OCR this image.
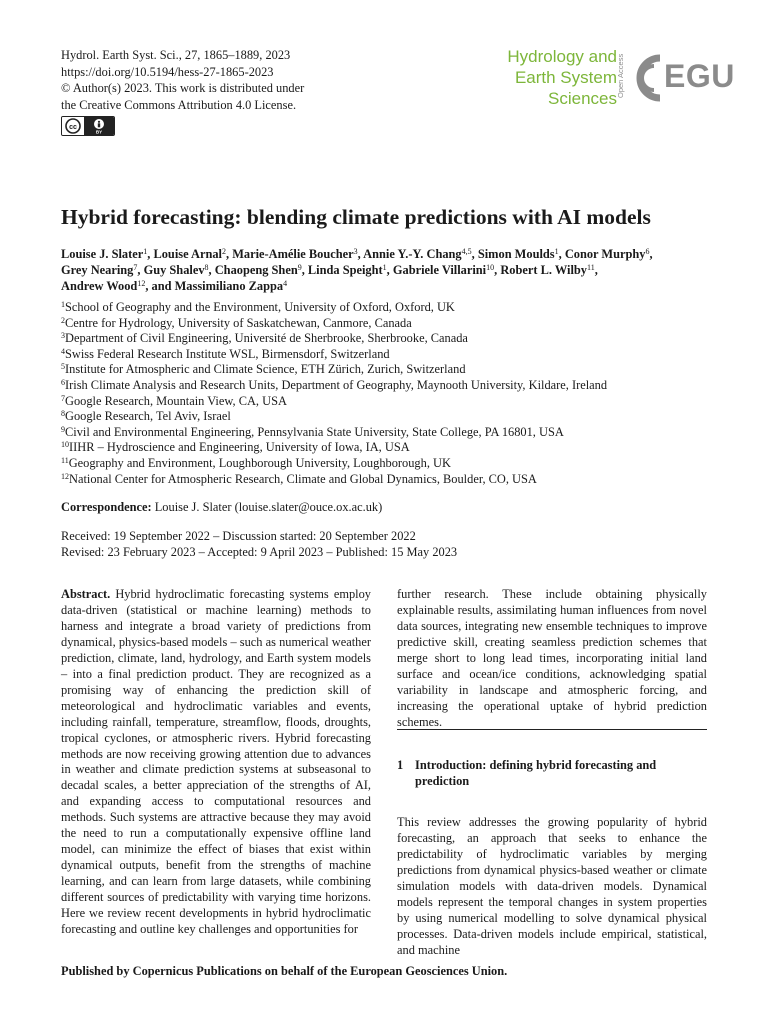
Hydrol. Earth Syst. Sci., 27, 1865–1889, 2023
https://doi.org/10.5194/hess-27-1865-2023
© Author(s) 2023. This work is distributed under
the Creative Commons Attribution 4.0 License.
cc
BY
Hydrology and
Earth System
Sciences
Open Access EGU
Hybrid forecasting: blending climate predictions with AI models
Louise J. Slater$^1$, Louise Arnal$^2$, Marie-Amélie Boucher$^3$, Annie Y.-Y. Chang$^{4,5}$, Simon Moulds$^1$, Conor Murphy$^6$,
Grey Nearing$^7$, Guy Shalev$^8$, Chaopeng Shen$^9$, Linda Speight$^1$, Gabriele Villarini$^{10}$, Robert L. Wilby$^{11}$,
Andrew Wood$^{12}$, and Massimiliano Zappa$^4$
$^1$School of Geography and the Environment, University of Oxford, Oxford, UK
$^2$Centre for Hydrology, University of Saskatchewan, Canmore, Canada
$^3$Department of Civil Engineering, Université de Sherbrooke, Sherbrooke, Canada
$^4$Swiss Federal Research Institute WSL, Birmensdorf, Switzerland
$^5$Institute for Atmospheric and Climate Science, ETH Zürich, Zurich, Switzerland
$^6$Irish Climate Analysis and Research Units, Department of Geography, Maynooth University, Kildare, Ireland
$^7$Google Research, Mountain View, CA, USA
$^8$Google Research, Tel Aviv, Israel
$^9$Civil and Environmental Engineering, Pennsylvania State University, State College, PA 16801, USA
$^{10}$IIHR – Hydroscience and Engineering, University of Iowa, IA, USA
$^{11}$Geography and Environment, Loughborough University, Loughborough, UK
$^{12}$National Center for Atmospheric Research, Climate and Global Dynamics, Boulder, CO, USA
Correspondence: Louise J. Slater (louise.slater@ouce.ox.ac.uk)
Received: 19 September 2022 – Discussion started: 20 September 2022
Revised: 23 February 2023 – Accepted: 9 April 2023 – Published: 15 May 2023
Abstract. Hybrid hydroclimatic forecasting systems employ data-driven (statistical or machine learning) methods to harness and integrate a broad variety of predictions from dynamical, physics-based models – such as numerical weather prediction, climate, land, hydrology, and Earth system models – into a final prediction product. They are recognized as a promising way of enhancing the prediction skill of meteorological and hydroclimatic variables and events, including rainfall, temperature, streamflow, floods, droughts, tropical cyclones, or atmospheric rivers. Hybrid forecasting methods are now receiving growing attention due to advances in weather and climate prediction systems at subseasonal to decadal scales, a better appreciation of the strengths of AI, and expanding access to computational resources and methods. Such systems are attractive because they may avoid the need to run a computationally expensive offline land model, can minimize the effect of biases that exist within dynamical outputs, benefit from the strengths of machine learning, and can learn from large datasets, while combining different sources of predictability with varying time horizons. Here we review recent developments in hybrid hydroclimatic forecasting and outline key challenges and opportunities for
further research. These include obtaining physically explainable results, assimilating human influences from novel data sources, integrating new ensemble techniques to improve predictive skill, creating seamless prediction schemes that merge short to long lead times, incorporating initial land surface and ocean/ice conditions, acknowledging spatial variability in landscape and atmospheric forcing, and increasing the operational uptake of hybrid prediction schemes.
1 Introduction: defining hybrid forecasting and prediction
This review addresses the growing popularity of hybrid forecasting, an approach that seeks to enhance the predictability of hydroclimatic variables by merging predictions from dynamical physics-based weather or climate simulation models with data-driven models. Dynamical models represent the temporal changes in system properties by using numerical modelling to solve dynamical physical processes. Data-driven models include empirical, statistical, and machine
Published by Copernicus Publications on behalf of the European Geosciences Union.
